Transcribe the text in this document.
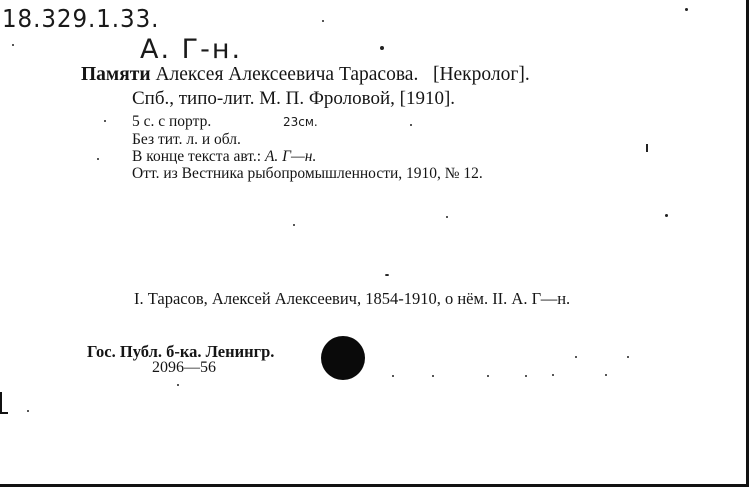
18.329.1.33.
А. Г-н.
Памяти Алексея Алексеевича Тарасова. [Некролог].
Спб., типо-лит. М. П. Фроловой, [1910].
5 с. с портр.	23см.
Без тит. л. и обл.
В конце текста авт.: А. Г—н.
Отт. из Вестника рыбопромышленности, 1910, № 12.
I. Тарасов, Алексей Алексеевич, 1854-1910, о нём. II. А. Г—н.
Гос. Публ. б-ка. Ленингр.
2096—56
